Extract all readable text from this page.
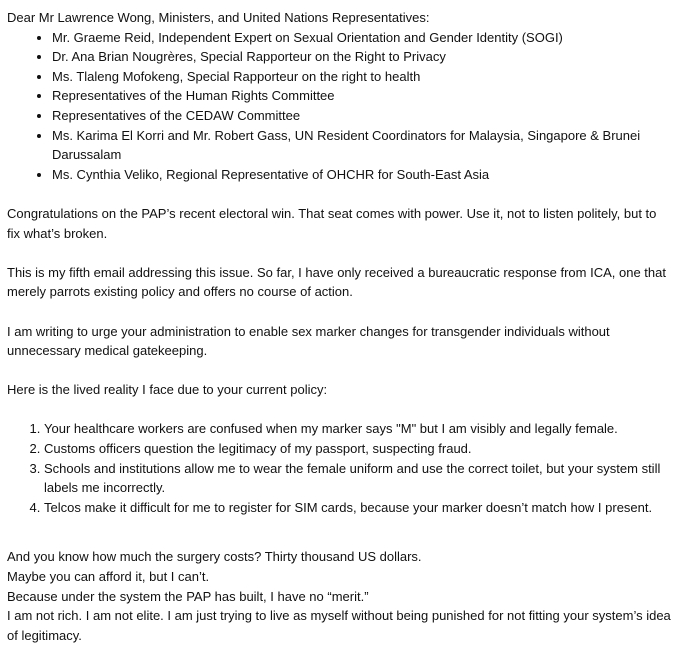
Dear Mr Lawrence Wong, Ministers, and United Nations Representatives:

• Mr. Graeme Reid, Independent Expert on Sexual Orientation and Gender Identity (SOGI)
• Dr. Ana Brian Nougrères, Special Rapporteur on the Right to Privacy
• Ms. Tlaleng Mofokeng, Special Rapporteur on the right to health
• Representatives of the Human Rights Committee
• Representatives of the CEDAW Committee
• Ms. Karima El Korri and Mr. Robert Gass, UN Resident Coordinators for Malaysia, Singapore & Brunei Darussalam
• Ms. Cynthia Veliko, Regional Representative of OHCHR for South-East Asia

Congratulations on the PAP’s recent electoral win. That seat comes with power. Use it, not to listen politely, but to fix what’s broken.

This is my fifth email addressing this issue. So far, I have only received a bureaucratic response from ICA, one that merely parrots existing policy and offers no course of action.

I am writing to urge your administration to enable sex marker changes for transgender individuals without unnecessary medical gatekeeping.

Here is the lived reality I face due to your current policy:

1. Your healthcare workers are confused when my marker says "M" but I am visibly and legally female.
2. Customs officers question the legitimacy of my passport, suspecting fraud.
3. Schools and institutions allow me to wear the female uniform and use the correct toilet, but your system still labels me incorrectly.
4. Telcos make it difficult for me to register for SIM cards, because your marker doesn’t match how I present.

And you know how much the surgery costs? Thirty thousand US dollars.

Maybe you can afford it, but I can’t.

Because under the system the PAP has built, I have no “merit.”

I am not rich. I am not elite. I am just trying to live as myself without being punished for not fitting your system’s idea of legitimacy.
